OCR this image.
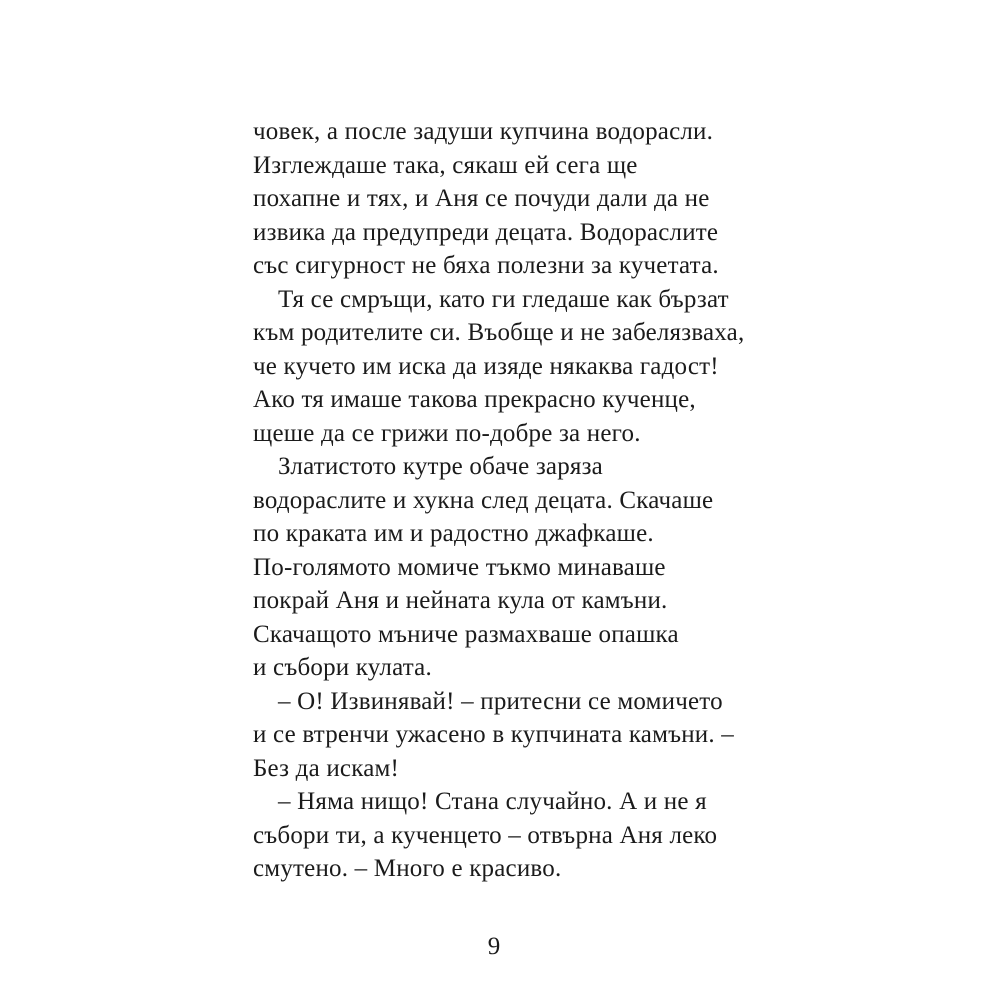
човек, а после задуши купчина водорасли.
Изглеждаше така, сякаш ей сега ще
похапне и тях, и Аня се почуди дали да не
извика да предупреди децата. Водораслите
със сигурност не бяха полезни за кучетата.

Тя се смръщи, като ги гледаше как бързат
към родителите си. Въобще и не забелязваха,
че кучето им иска да изяде някаква гадост!
Ако тя имаше такова прекрасно кученце,
щеше да се грижи по-добре за него.

Златистото кутре обаче заряза
водораслите и хукна след децата. Скачаше
по краката им и радостно джафкаше.
По-голямото момиче тъкмо минаваше
покрай Аня и нейната кула от камъни.
Скачащото мъниче размахваше опашка
и събори кулата.

– О! Извинявай! – притесни се момичето
и се втренчи ужасено в купчината камъни. –
Без да искам!

– Няма нищо! Стана случайно. А и не я
събори ти, а кученцето – отвърна Аня леко
смутено. – Много е красиво.

9
